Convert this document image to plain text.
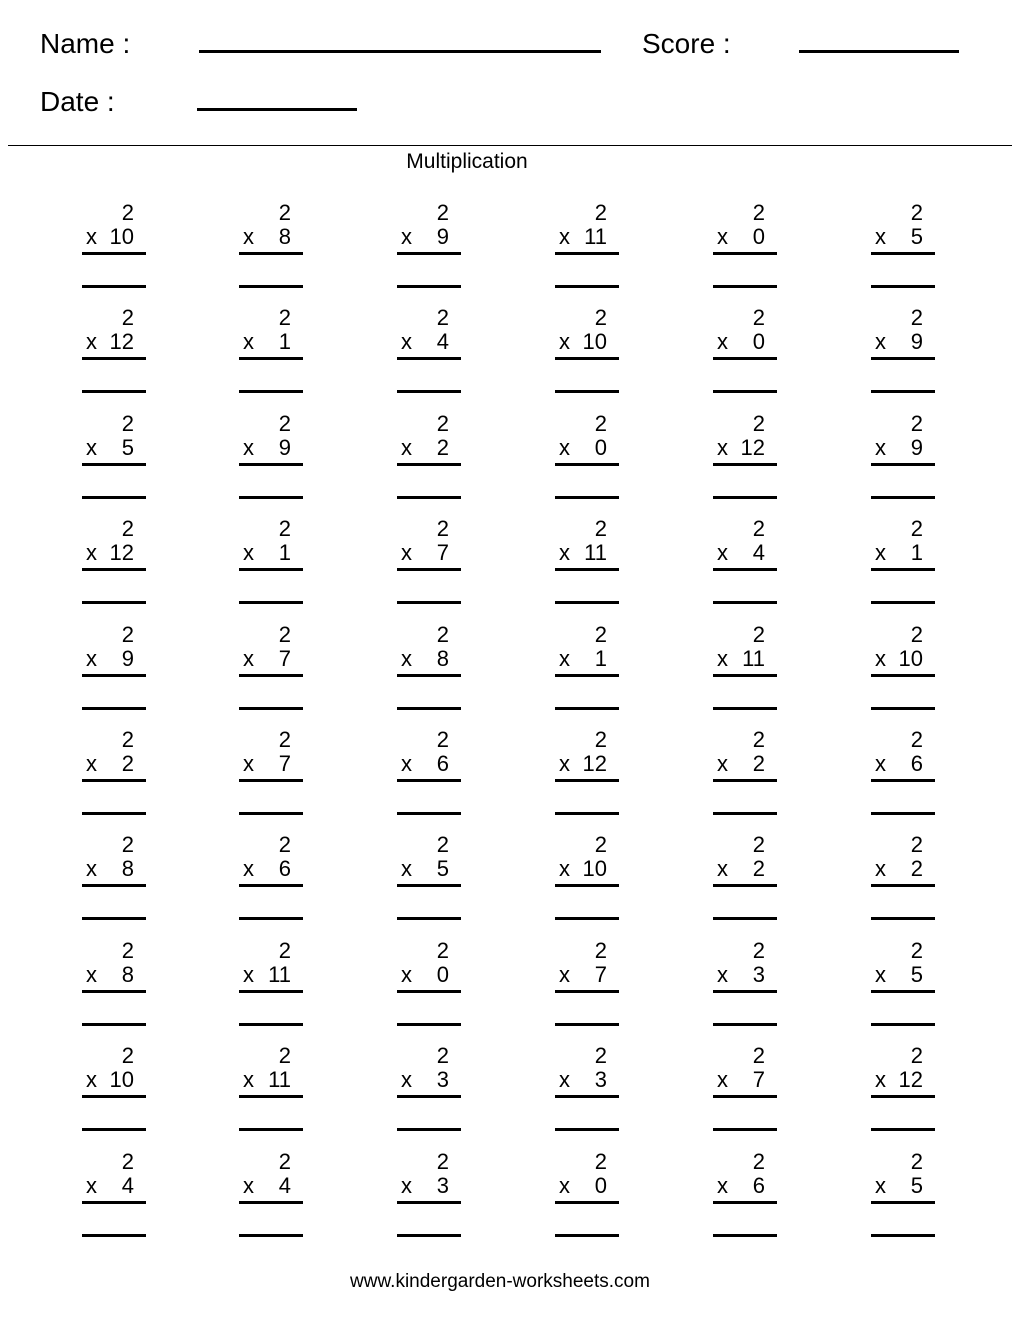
Name :	Score :
Date :
Multiplication
2
x 10
2
x 8
2
x 9
2
x 11
2
x 0
2
x 5
2
x 12
2
x 1
2
x 4
2
x 10
2
x 0
2
x 9
2
x 5
2
x 9
2
x 2
2
x 0
2
x 12
2
x 9
2
x 12
2
x 1
2
x 7
2
x 11
2
x 4
2
x 1
2
x 9
2
x 7
2
x 8
2
x 1
2
x 11
2
x 10
2
x 2
2
x 7
2
x 6
2
x 12
2
x 2
2
x 6
2
x 8
2
x 6
2
x 5
2
x 10
2
x 2
2
x 2
2
x 8
2
x 11
2
x 0
2
x 7
2
x 3
2
x 5
2
x 10
2
x 11
2
x 3
2
x 3
2
x 7
2
x 12
2
x 4
2
x 4
2
x 3
2
x 0
2
x 6
2
x 5
www.kindergarden-worksheets.com
